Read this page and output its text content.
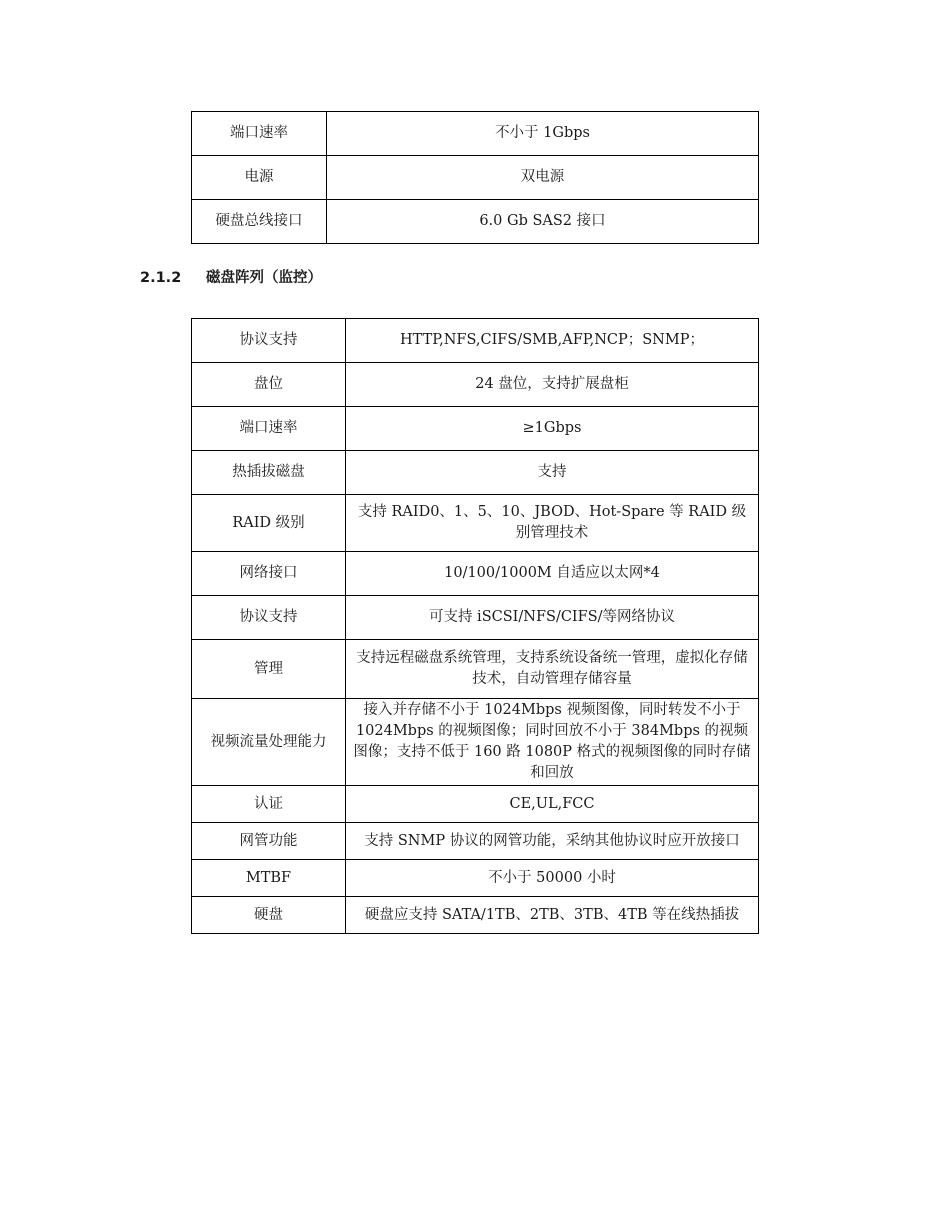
端口速率	不小于 1Gbps
电源	双电源
硬盘总线接口	6.0 Gb SAS2 接口
2.1.2 磁盘阵列（监控）
协议支持	HTTP,NFS,CIFS/SMB,AFP,NCP；SNMP；
盘位	24 盘位，支持扩展盘柜
端口速率	≥1Gbps
热插拔磁盘	支持
RAID 级别	支持 RAID0、1、5、10、JBOD、Hot-Spare 等 RAID 级别管理技术
网络接口	10/100/1000M 自适应以太网*4
协议支持	可支持 iSCSI/NFS/CIFS/等网络协议
管理	支持远程磁盘系统管理，支持系统设备统一管理，虚拟化存储技术，自动管理存储容量
视频流量处理能力	接入并存储不小于 1024Mbps 视频图像，同时转发不小于 1024Mbps 的视频图像；同时回放不小于 384Mbps 的视频图像；支持不低于 160 路 1080P 格式的视频图像的同时存储和回放
认证	CE,UL,FCC
网管功能	支持 SNMP 协议的网管功能，采纳其他协议时应开放接口
MTBF	不小于 50000 小时
硬盘	硬盘应支持 SATA/1TB、2TB、3TB、4TB 等在线热插拔
